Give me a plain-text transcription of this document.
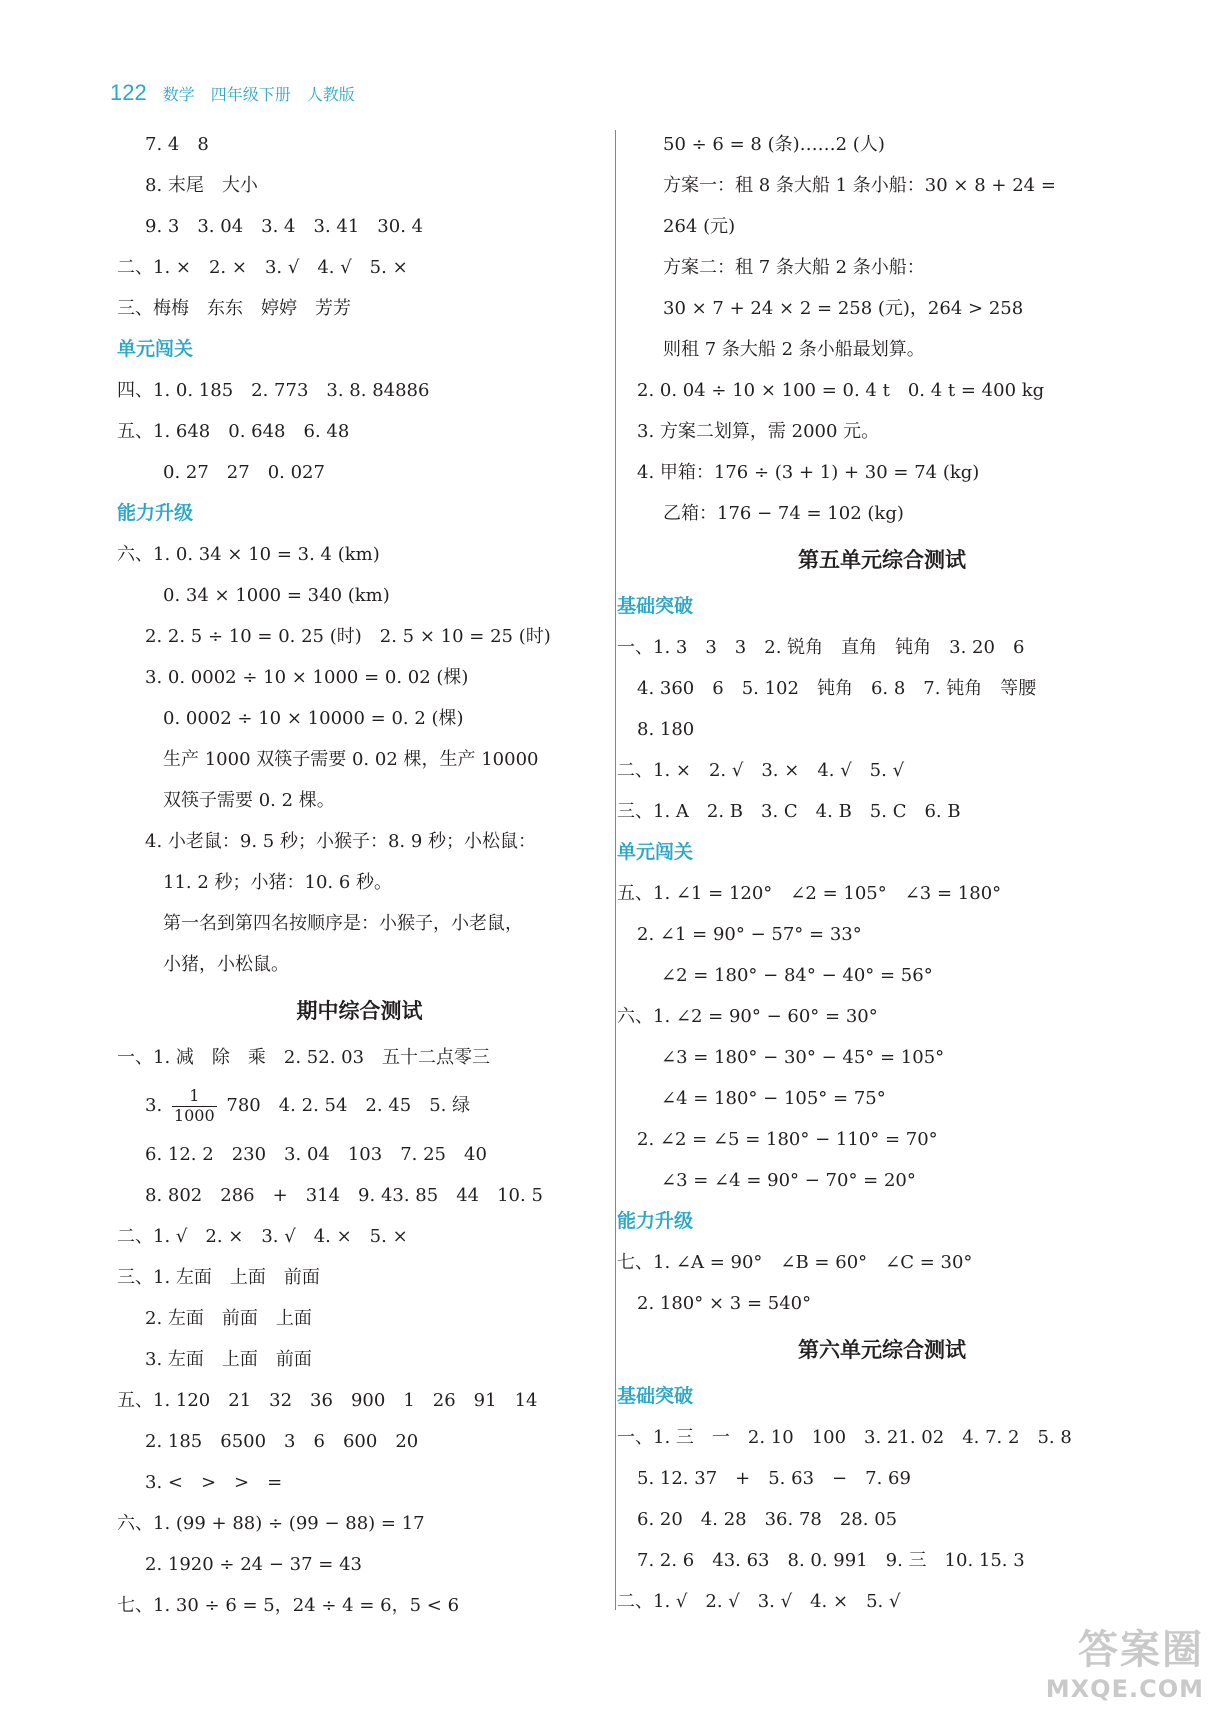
122 数学 四年级下册 人教版
7. 4　8
8. 末尾　大小
9. 3　3. 04　3. 4　3. 41　30. 4
二、1. ×　2. ×　3. √　4. √　5. ×
三、梅梅　东东　婷婷　芳芳
单元闯关
四、1. 0. 185　2. 773　3. 8. 84886
五、1. 648　0. 648　6. 48
0. 27　27　0. 027
能力升级
六、1. 0. 34 × 10 = 3. 4 (km)
0. 34 × 1000 = 340 (km)
2. 2. 5 ÷ 10 = 0. 25 (时)　2. 5 × 10 = 25 (时)
3. 0. 0002 ÷ 10 × 1000 = 0. 02 (棵)
0. 0002 ÷ 10 × 10000 = 0. 2 (棵)
生产 1000 双筷子需要 0. 02 棵，生产 10000
双筷子需要 0. 2 棵。
4. 小老鼠：9. 5 秒；小猴子：8. 9 秒；小松鼠：
11. 2 秒；小猪：10. 6 秒。
第一名到第四名按顺序是：小猴子，小老鼠，
小猪，小松鼠。
期中综合测试
一、1. 减　除　乘　2. 52. 03　五十二点零三
3. $\frac{1}{1000} 780$　4. 2. 54　2. 45　5. 绿
6. 12. 2　230　3. 04　103　7. 25　40
8. 802　286　+　314　9. 43. 85　44　10. 5
二、1. √　2. ×　3. √　4. ×　5. ×
三、1. 左面　上面　前面
2. 左面　前面　上面
3. 左面　上面　前面
五、1. 120　21　32　36　900　1　26　91　14
2. 185　6500　3　6　600　20
3. <　>　>　=
六、1. (99 + 88) ÷ (99 − 88) = 17
2. 1920 ÷ 24 − 37 = 43
七、1. 30 ÷ 6 = 5，24 ÷ 4 = 6，5 < 6
50 ÷ 6 = 8 (条)……2 (人)
方案一：租 8 条大船 1 条小船：30 × 8 + 24 =
264 (元)
方案二：租 7 条大船 2 条小船：
30 × 7 + 24 × 2 = 258 (元)，264 > 258
则租 7 条大船 2 条小船最划算。
2. 0. 04 ÷ 10 × 100 = 0. 4 t　0. 4 t = 400 kg
3. 方案二划算，需 2000 元。
4. 甲箱：176 ÷ (3 + 1) + 30 = 74 (kg)
乙箱：176 − 74 = 102 (kg)
第五单元综合测试
基础突破
一、1. 3　3　3　2. 锐角　直角　钝角　3. 20　6
4. 360　6　5. 102　钝角　6. 8　7. 钝角　等腰
8. 180
二、1. ×　2. √　3. ×　4. √　5. √
三、1. A　2. B　3. C　4. B　5. C　6. B
单元闯关
五、1. ∠1 = 120°　∠2 = 105°　∠3 = 180°
2. ∠1 = 90° − 57° = 33°
∠2 = 180° − 84° − 40° = 56°
六、1. ∠2 = 90° − 60° = 30°
∠3 = 180° − 30° − 45° = 105°
∠4 = 180° − 105° = 75°
2. ∠2 = ∠5 = 180° − 110° = 70°
∠3 = ∠4 = 90° − 70° = 20°
能力升级
七、1. ∠A = 90°　∠B = 60°　∠C = 30°
2. 180° × 3 = 540°
第六单元综合测试
基础突破
一、1. 三　一　2. 10　100　3. 21. 02　4. 7. 2　5. 8
5. 12. 37　+　5. 63　−　7. 69
6. 20　4. 28　36. 78　28. 05
7. 2. 6　43. 63　8. 0. 991　9. 三　10. 15. 3
二、1. √　2. √　3. √　4. ×　5. √
答案圈
MXQE.COM
